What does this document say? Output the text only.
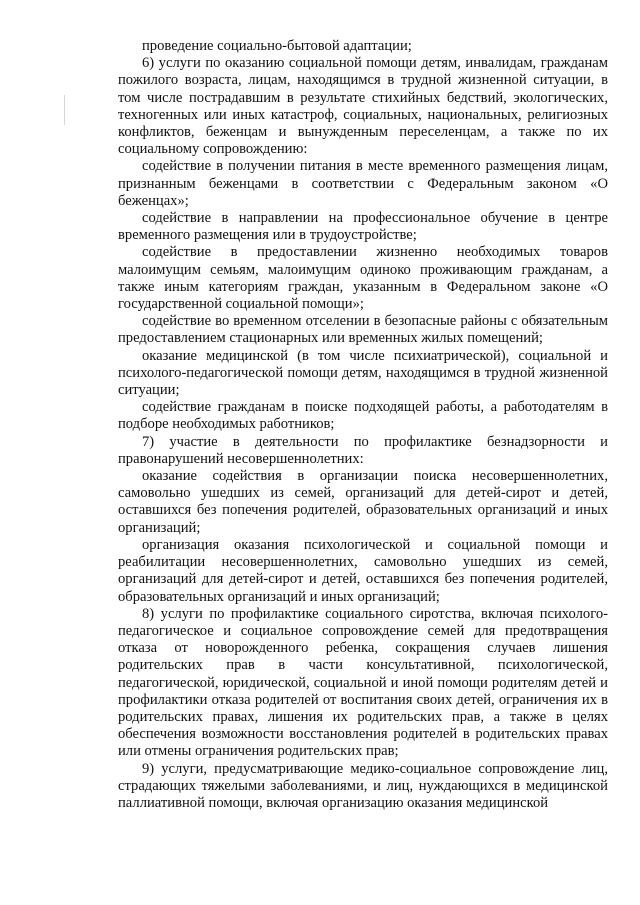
проведение социально-бытовой адаптации;

6) услуги по оказанию социальной помощи детям, инвалидам, гражданам пожилого возраста, лицам, находящимся в трудной жизненной ситуации, в том числе пострадавшим в результате стихийных бедствий, экологических, техногенных или иных катастроф, социальных, национальных, религиозных конфликтов, беженцам и вынужденным переселенцам, а также по их социальному сопровождению:

содействие в получении питания в месте временного размещения лицам, признанным беженцами в соответствии с Федеральным законом «О беженцах»;

содействие в направлении на профессиональное обучение в центре временного размещения или в трудоустройстве;

содействие в предоставлении жизненно необходимых товаров малоимущим семьям, малоимущим одиноко проживающим гражданам, а также иным категориям граждан, указанным в Федеральном законе «О государственной социальной помощи»;

содействие во временном отселении в безопасные районы с обязательным предоставлением стационарных или временных жилых помещений;

оказание медицинской (в том числе психиатрической), социальной и психолого-педагогической помощи детям, находящимся в трудной жизненной ситуации;

содействие гражданам в поиске подходящей работы, а работодателям в подборе необходимых работников;

7) участие в деятельности по профилактике безнадзорности и правонарушений несовершеннолетних:

оказание содействия в организации поиска несовершеннолетних, самовольно ушедших из семей, организаций для детей-сирот и детей, оставшихся без попечения родителей, образовательных организаций и иных организаций;

организация оказания психологической и социальной помощи и реабилитации несовершеннолетних, самовольно ушедших из семей, организаций для детей-сирот и детей, оставшихся без попечения родителей, образовательных организаций и иных организаций;

8) услуги по профилактике социального сиротства, включая психолого-педагогическое и социальное сопровождение семей для предотвращения отказа от новорожденного ребенка, сокращения случаев лишения родительских прав в части консультативной, психологической, педагогической, юридической, социальной и иной помощи родителям детей и профилактики отказа родителей от воспитания своих детей, ограничения их в родительских правах, лишения их родительских прав, а также в целях обеспечения возможности восстановления родителей в родительских правах или отмены ограничения родительских прав;

9) услуги, предусматривающие медико-социальное сопровождение лиц, страдающих тяжелыми заболеваниями, и лиц, нуждающихся в медицинской паллиативной помощи, включая организацию оказания медицинской
